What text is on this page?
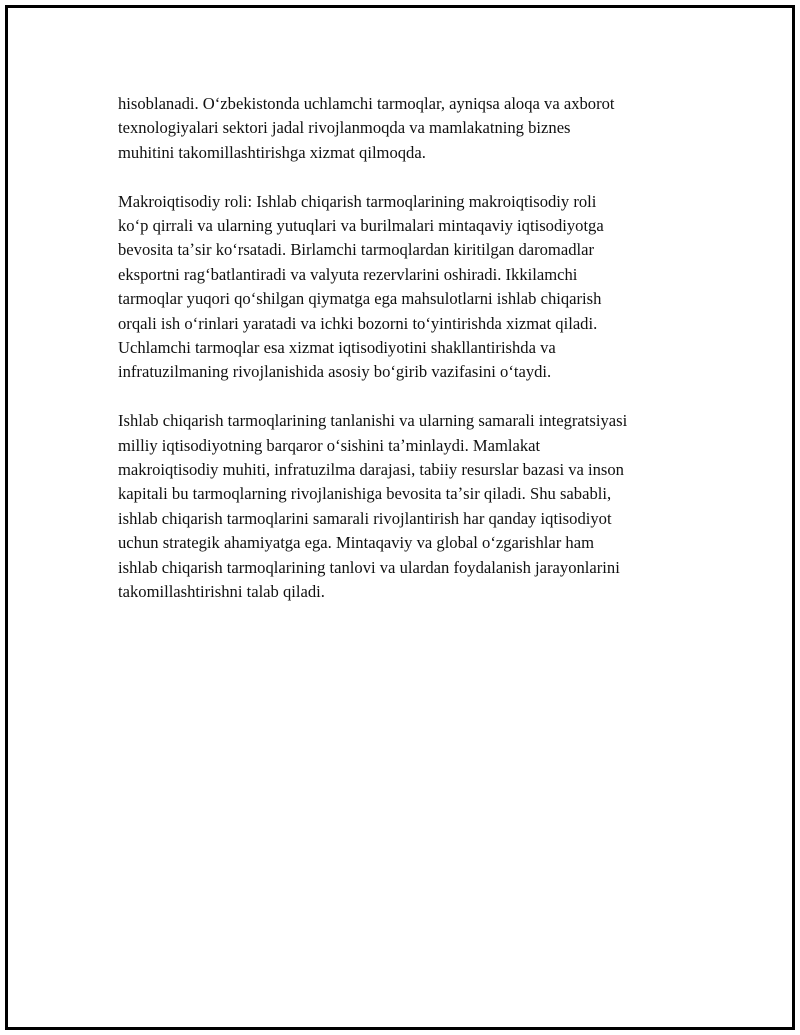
hisoblanadi. Oʻzbekistonda uchlamchi tarmoqlar, ayniqsa aloqa va axborot
texnologiyalari sektori jadal rivojlanmoqda va mamlakatning biznes
muhitini takomillashtirishga xizmat qilmoqda.

Makroiqtisodiy roli: Ishlab chiqarish tarmoqlarining makroiqtisodiy roli
koʻp qirrali va ularning yutuqlari va burilmalari mintaqaviy iqtisodiyotga
bevosita taʼsir koʻrsatadi. Birlamchi tarmoqlardan kiritilgan daromadlar
eksportni ragʻbatlantiradi va valyuta rezervlarini oshiradi. Ikkilamchi
tarmoqlar yuqori qoʻshilgan qiymatga ega mahsulotlarni ishlab chiqarish
orqali ish oʻrinlari yaratadi va ichki bozorni toʻyintirishda xizmat qiladi.
Uchlamchi tarmoqlar esa xizmat iqtisodiyotini shakllantirishda va
infratuzilmaning rivojlanishida asosiy boʻgirib vazifasini oʻtaydi.

Ishlab chiqarish tarmoqlarining tanlanishi va ularning samarali integratsiyasi
milliy iqtisodiyotning barqaror oʻsishini taʼminlaydi. Mamlakat
makroiqtisodiy muhiti, infratuzilma darajasi, tabiiy resurslar bazasi va inson
kapitali bu tarmoqlarning rivojlanishiga bevosita taʼsir qiladi. Shu sababli,
ishlab chiqarish tarmoqlarini samarali rivojlantirish har qanday iqtisodiyot
uchun strategik ahamiyatga ega. Mintaqaviy va global oʻzgarishlar ham
ishlab chiqarish tarmoqlarining tanlovi va ulardan foydalanish jarayonlarini
takomillashtirishni talab qiladi.
